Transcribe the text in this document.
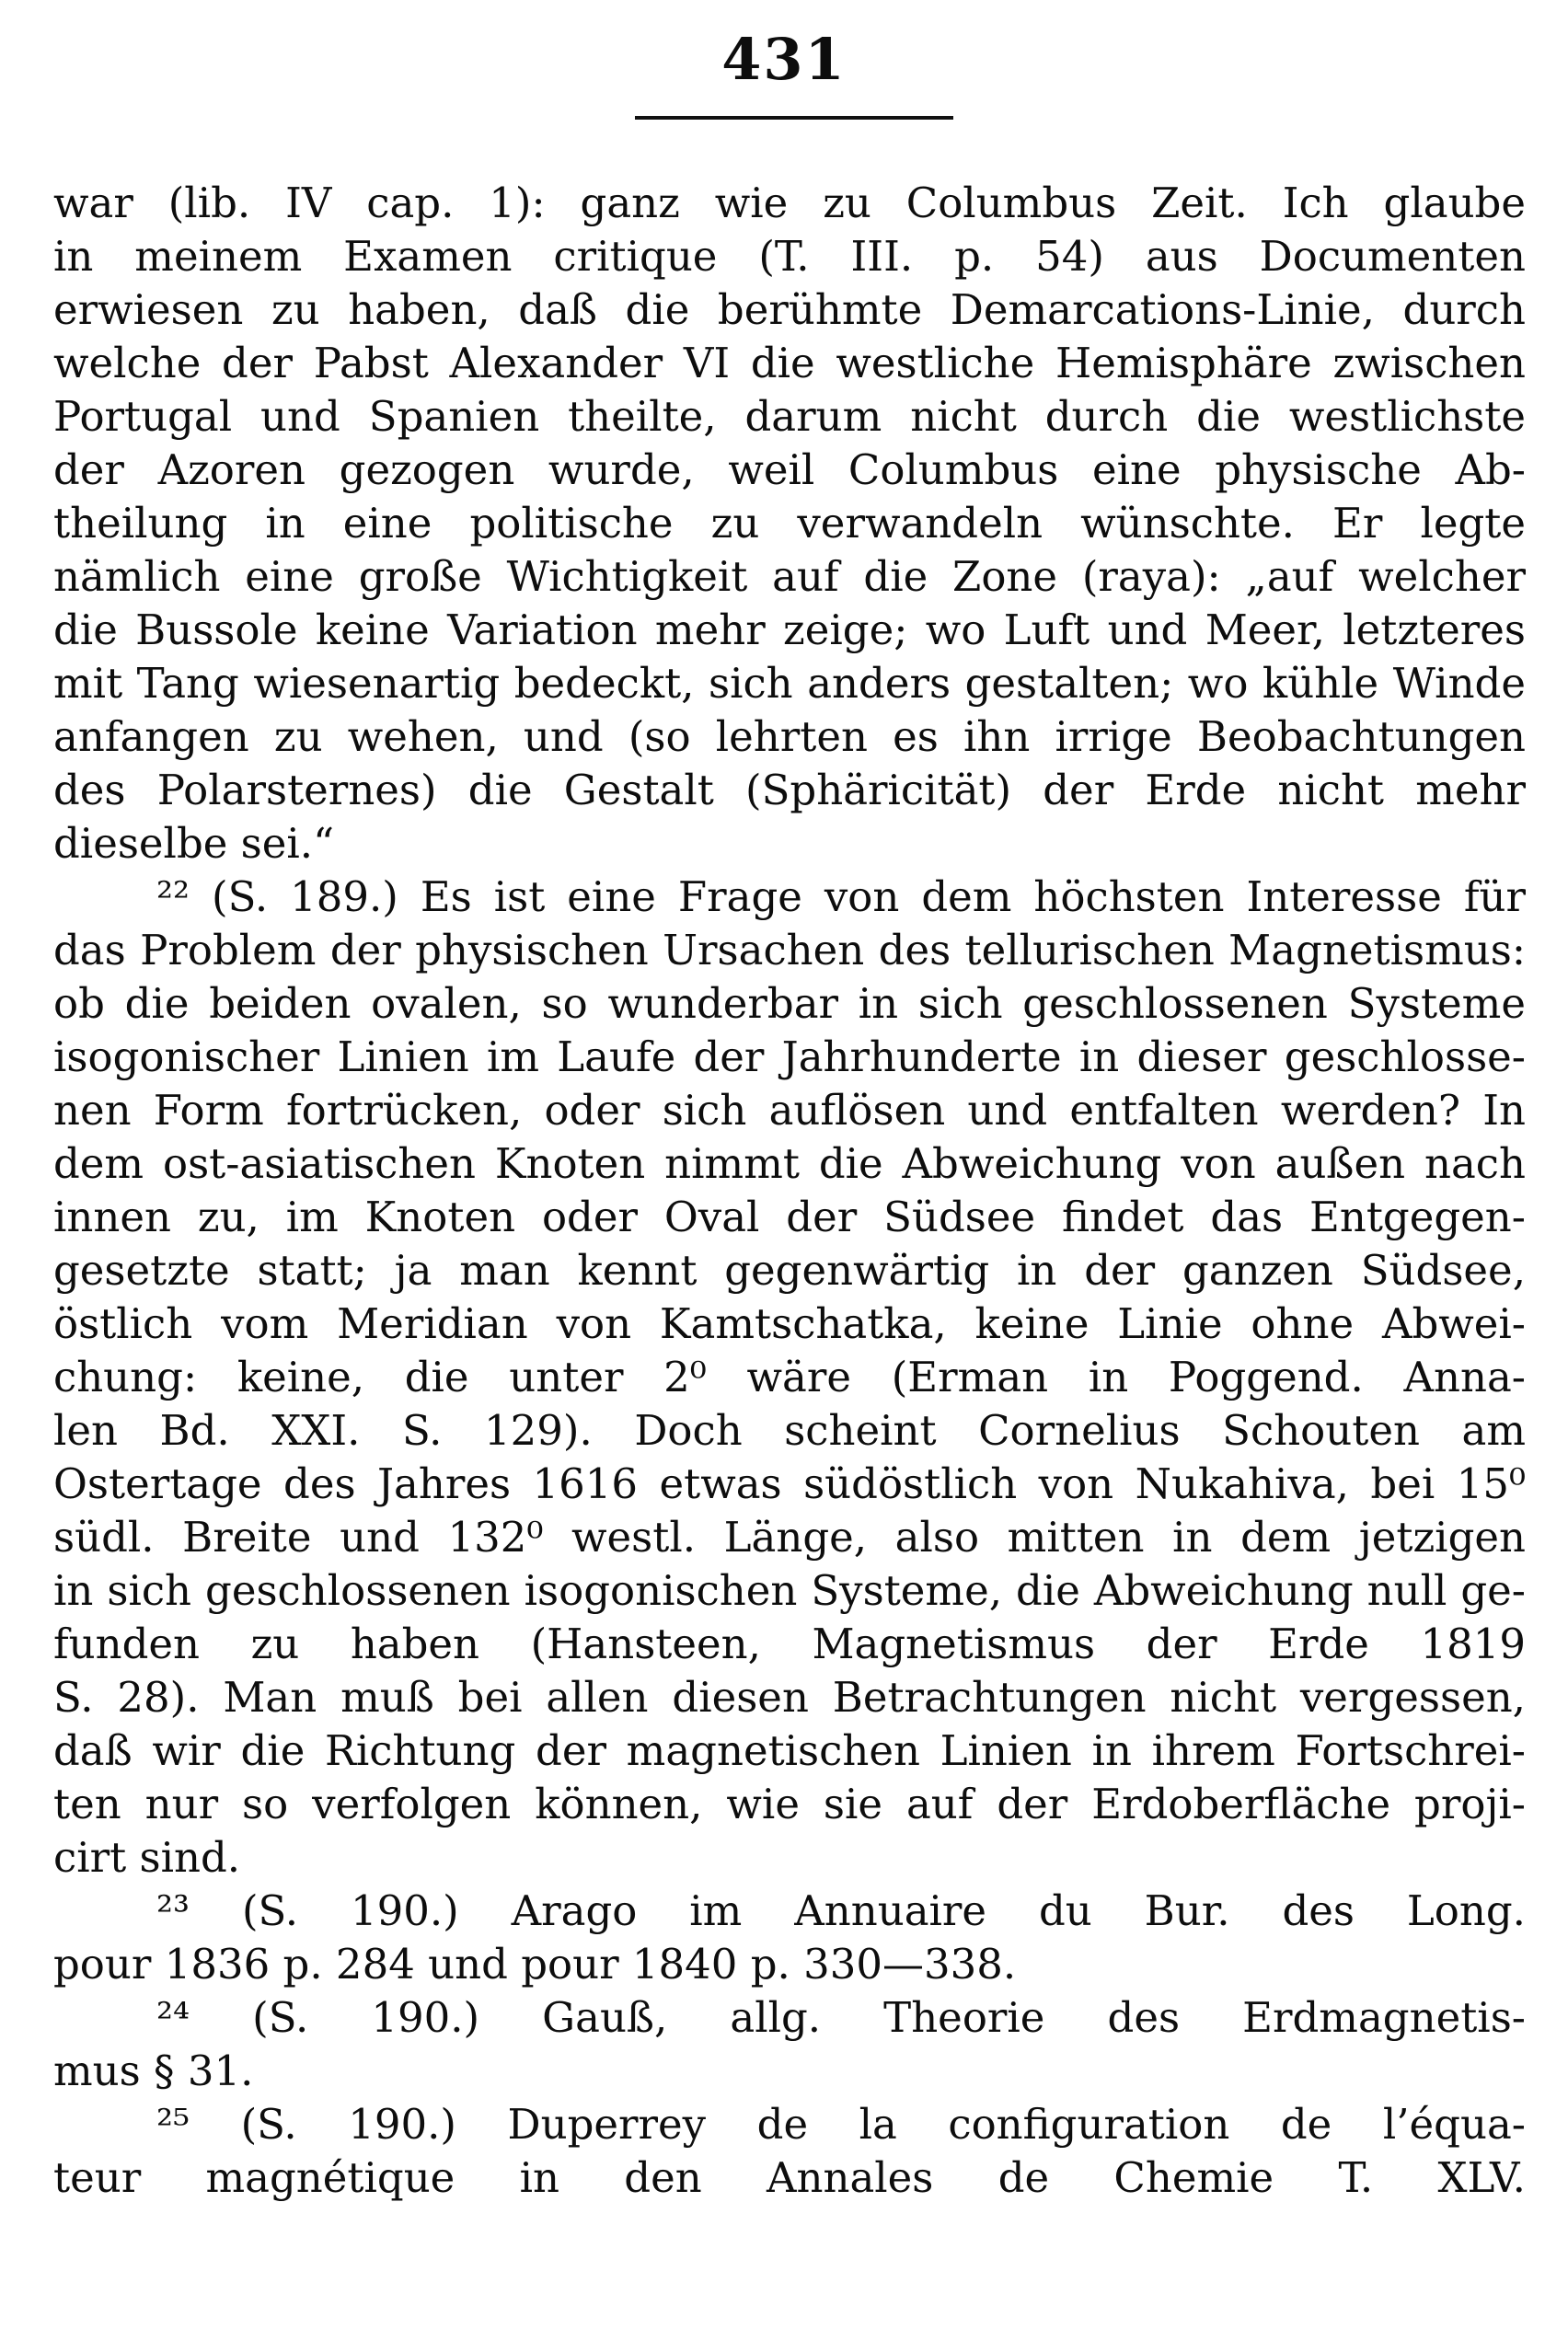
431
war (lib. IV cap. 1): ganz wie zu Columbus Zeit. Ich glaube
in meinem Examen critique (T. III. p. 54) aus Documenten
erwiesen zu haben, daß die berühmte Demarcations-Linie, durch
welche der Pabst Alexander VI die westliche Hemisphäre zwischen
Portugal und Spanien theilte, darum nicht durch die westlichste
der Azoren gezogen wurde, weil Columbus eine physische Ab-
theilung in eine politische zu verwandeln wünschte. Er legte
nämlich eine große Wichtigkeit auf die Zone (raya): „auf welcher
die Bussole keine Variation mehr zeige; wo Luft und Meer, letzteres
mit Tang wiesenartig bedeckt, sich anders gestalten; wo kühle Winde
anfangen zu wehen, und (so lehrten es ihn irrige Beobachtungen
des Polarsternes) die Gestalt (Sphäricität) der Erde nicht mehr
dieselbe sei.“
²² (S. 189.) Es ist eine Frage von dem höchsten Interesse für
das Problem der physischen Ursachen des tellurischen Magnetismus:
ob die beiden ovalen, so wunderbar in sich geschlossenen Systeme
isogonischer Linien im Laufe der Jahrhunderte in dieser geschlosse-
nen Form fortrücken, oder sich auflösen und entfalten werden? In
dem ost-asiatischen Knoten nimmt die Abweichung von außen nach
innen zu, im Knoten oder Oval der Südsee findet das Entgegen-
gesetzte statt; ja man kennt gegenwärtig in der ganzen Südsee,
östlich vom Meridian von Kamtschatka, keine Linie ohne Abwei-
chung: keine, die unter 2⁰ wäre (Erman in Poggend. Anna-
len Bd. XXI. S. 129). Doch scheint Cornelius Schouten am
Ostertage des Jahres 1616 etwas südöstlich von Nukahiva, bei 15⁰
südl. Breite und 132⁰ westl. Länge, also mitten in dem jetzigen
in sich geschlossenen isogonischen Systeme, die Abweichung null ge-
funden zu haben (Hansteen, Magnetismus der Erde 1819
S. 28). Man muß bei allen diesen Betrachtungen nicht vergessen,
daß wir die Richtung der magnetischen Linien in ihrem Fortschrei-
ten nur so verfolgen können, wie sie auf der Erdoberfläche proji-
cirt sind.
²³ (S. 190.) Arago im Annuaire du Bur. des Long.
pour 1836 p. 284 und pour 1840 p. 330—338.
²⁴ (S. 190.) Gauß, allg. Theorie des Erdmagnetis-
mus § 31.
²⁵ (S. 190.) Duperrey de la configuration de l’équa-
teur magnétique in den Annales de Chemie T. XLV.
